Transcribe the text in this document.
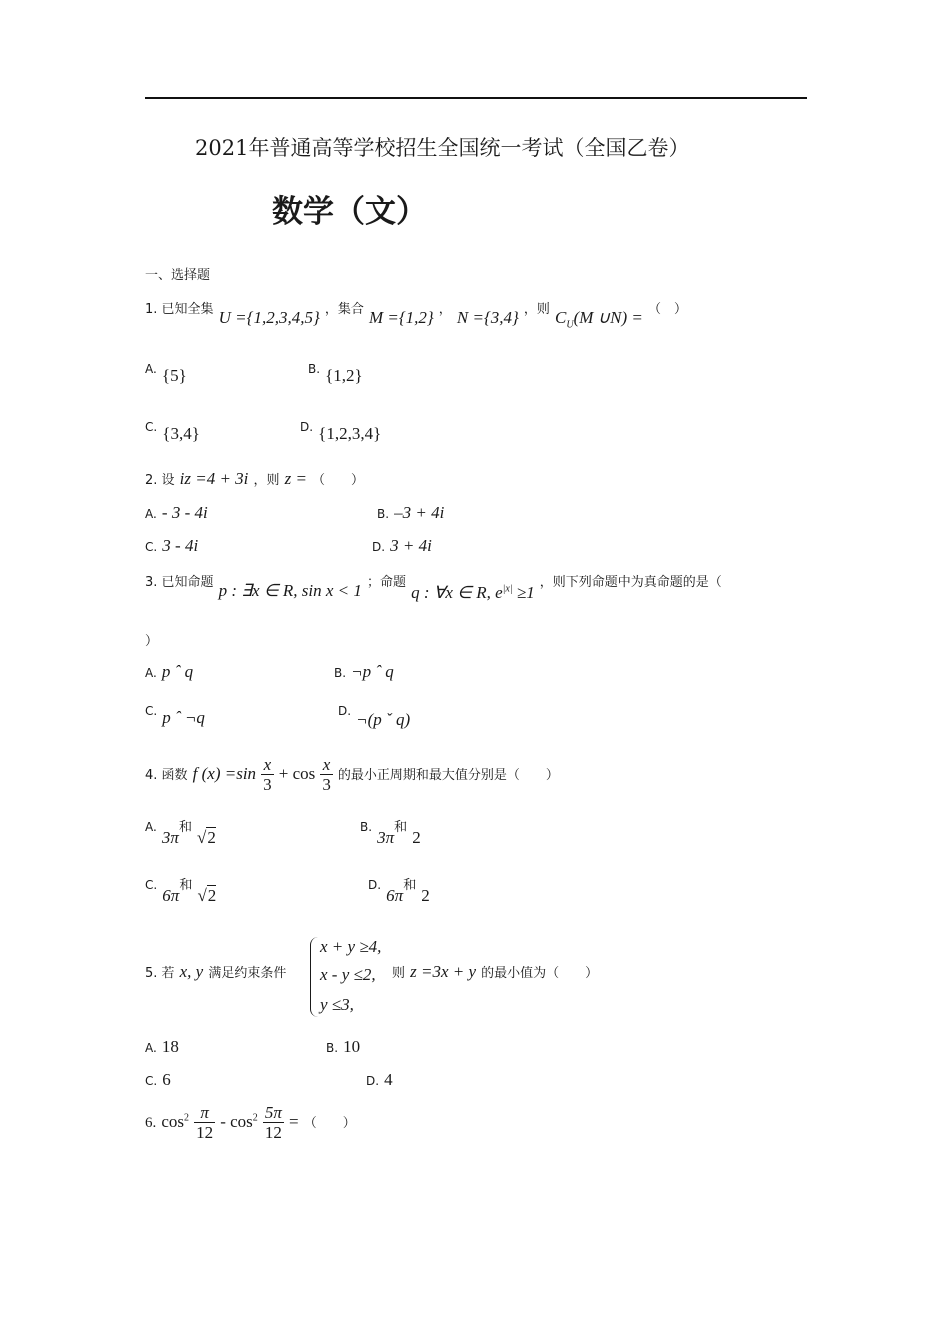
2021年普通高等学校招生全国统一考试（全国乙卷）
数学（文）
一、选择题
1. 已知全集 U ={1,2,3,4,5} ，集合 M ={1,2} ， N ={3,4} ，则 $C_U(M$ ∪N) = （　）
A. {5}	B. {1,2}
C. {3,4}	D. {1,2,3,4}
2. 设 iz =4 + 3i ，则 z = （　　）
A. - 3 - 4i	B. –3 + 4i
C. 3 - 4i	D. 3 + 4i
3. 已知命题 p : ∃x ∈ R, sin x < 1 ；命题 q : ∀x ∈ R, $e^{|x|} \ge 1$ ，则下列命题中为真命题的是（
）
A. p ˆ q	B. ¬p ˆ q
C. p ˆ ¬q	D. ¬(p ˇ q)
4. 函数 f $(x) =\sin \frac{x}{3} + \cos \frac{x}{3}$ 的最小正周期和最大值分别是（　　）
A. 3π和 √2
B. 3π和 2
C. 6π和 √2
D. 6π和 2
5. 若 x, y 满足约束条件
x + y ≥4,
x - y ≤2,
y ≤3,
则 z =3x + y 的最小值为（　　）
A. 18	B. 10
C. 6	D. 4
6. $\cos^2 \frac{\pi}{12} - \cos^2 \frac{5\pi}{12}$ = （　　）
